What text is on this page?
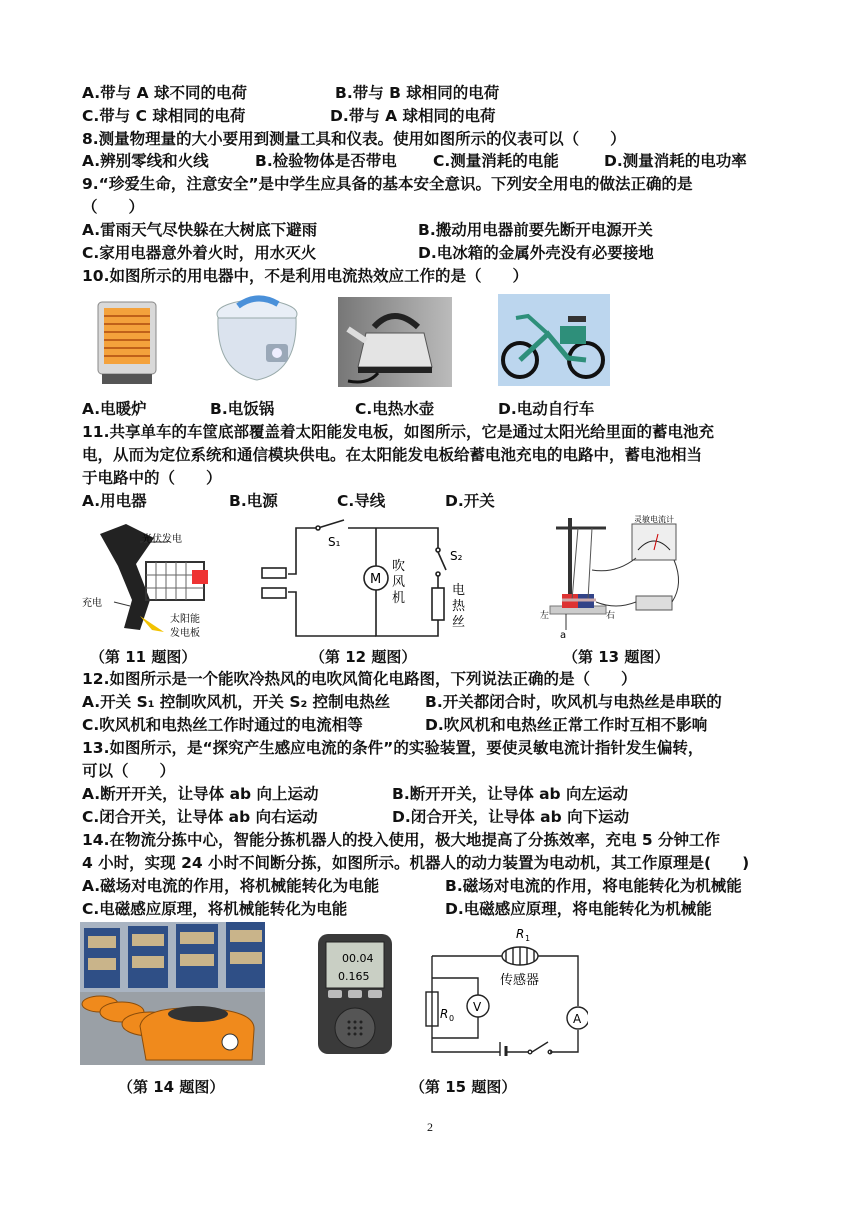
A.带与 A 球不同的电荷	B.带与 B 球相同的电荷
C.带与 C 球相同的电荷	D.带与 A 球相同的电荷
8.测量物理量的大小要用到测量工具和仪表。使用如图所示的仪表可以（　　）
A.辨别零线和火线	B.检验物体是否带电 C.测量消耗的电能	D.测量消耗的电功率
9.“珍爱生命，注意安全”是中学生应具备的基本安全意识。下列安全用电的做法正确的是
（　　）
A.雷雨天气尽快躲在大树底下避雨	B.搬动用电器前要先断开电源开关
C.家用电器意外着火时，用水灭火	D.电冰箱的金属外壳没有必要接地
10.如图所示的用电器中，不是利用电流热效应工作的是（　　）
A.电暖炉	B.电饭锅	C.电热水壶	D.电动自行车
11.共享单车的车筐底部覆盖着太阳能发电板，如图所示，它是通过太阳光给里面的蓄电池充
电，从而为定位系统和通信模块供电。在太阳能发电板给蓄电池充电的电路中，蓄电池相当
于电路中的（　　）
A.用电器	B.电源	C.导线	D.开关
光伏发电
充电
太阳能
发电板
（第 11 题图）
S₁
S₂
M
吹
风
机
电
热
丝
（第 12 题图）
灵敏电流计
左	右
a
（第 13 题图）
12.如图所示是一个能吹冷热风的电吹风简化电路图，下列说法正确的是（　　）
A.开关 S₁ 控制吹风机，开关 S₂ 控制电热丝 B.开关都闭合时，吹风机与电热丝是串联的
C.吹风机和电热丝工作时通过的电流相等	D.吹风机和电热丝正常工作时互相不影响
13.如图所示，是“探究产生感应电流的条件”的实验装置，要使灵敏电流计指针发生偏转，
可以（　　）
A.断开开关，让导体 ab 向上运动	B.断开开关，让导体 ab 向左运动
C.闭合开关，让导体 ab 向右运动	D.闭合开关，让导体 ab 向下运动
14.在物流分拣中心，智能分拣机器人的投入使用，极大地提高了分拣效率，充电 5 分钟工作
4 小时，实现 24 小时不间断分拣，如图所示。机器人的动力装置为电动机，其工作原理是(　　)
A.磁场对电流的作用，将机械能转化为电能	B.磁场对电流的作用，将电能转化为机械能
C.电磁感应原理，将机械能转化为电能	D.电磁感应原理，将电能转化为机械能
（第 14 题图）
00.04
0.165
R 1
传感器
R 0
V
A
（第 15 题图）
2
